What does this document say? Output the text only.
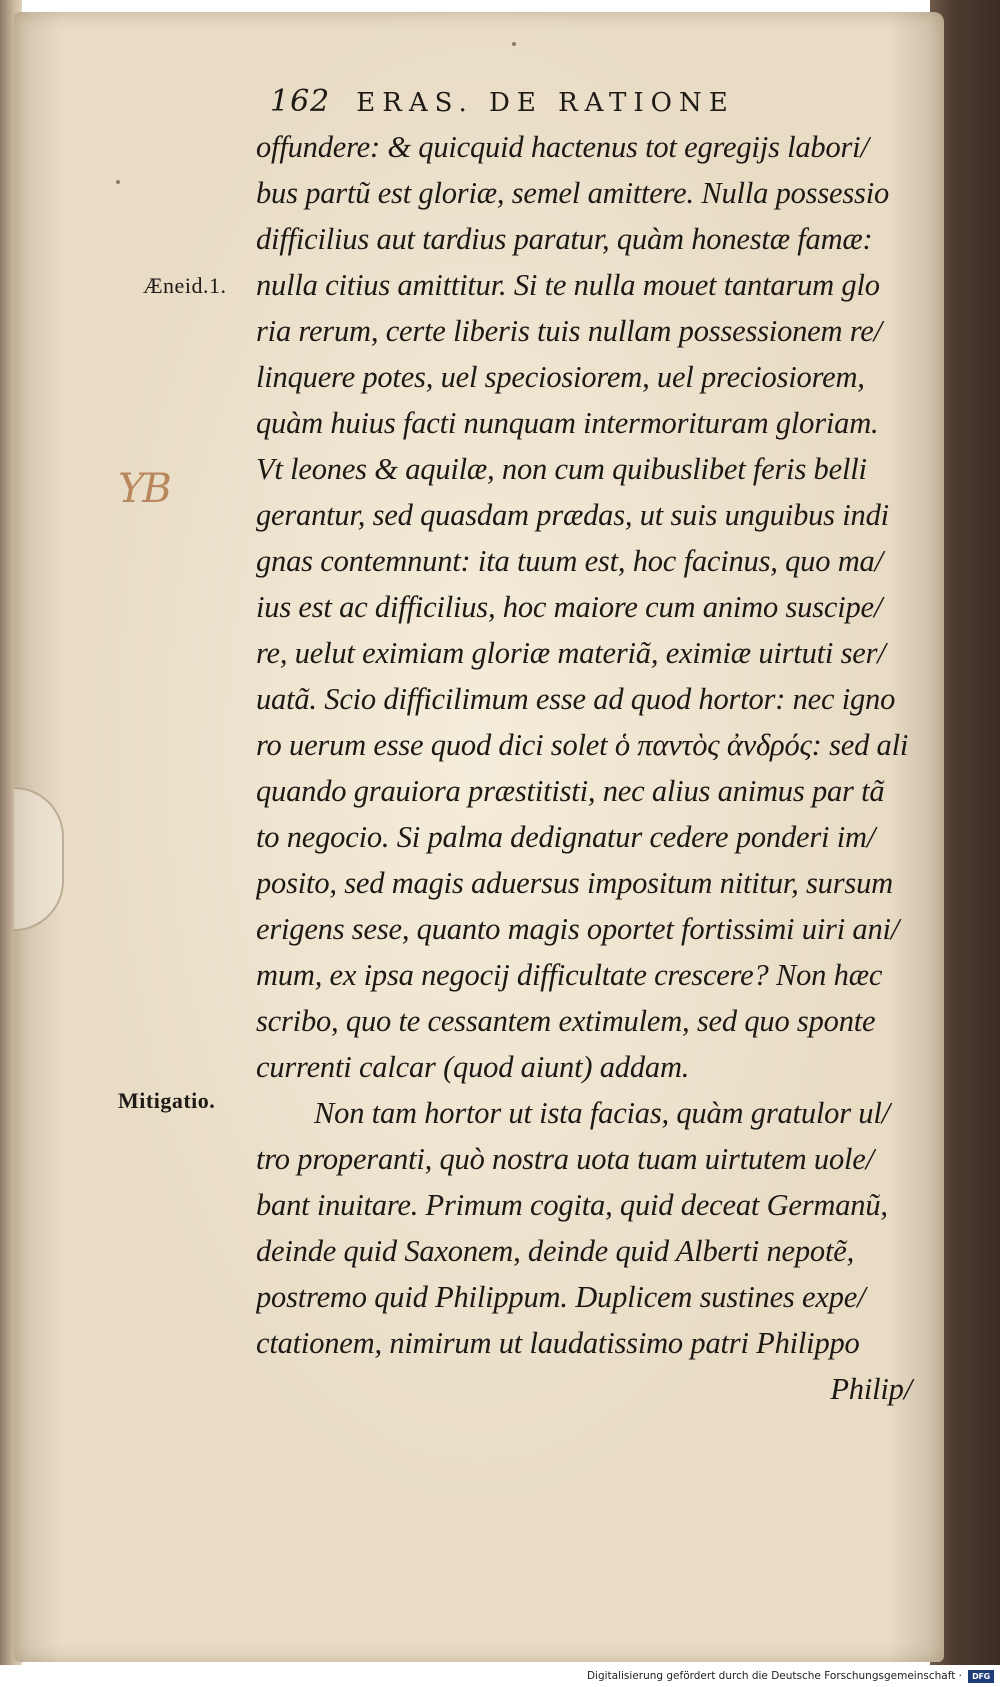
162 ERAS. DE RATIONE
Æneid.1.
YB
Mitigatio.
offundere: & quicquid hactenus tot egregijs labori/
bus partũ est gloriæ, semel amittere. Nulla possessio
difficilius aut tardius paratur, quàm honestæ famæ:
nulla citius amittitur. Si te nulla mouet tantarum glo
ria rerum, certe liberis tuis nullam possessionem re/
linquere potes, uel speciosiorem, uel preciosiorem,
quàm huius facti nunquam intermorituram gloriam.
Vt leones & aquilæ, non cum quibuslibet feris belli
gerantur, sed quasdam prædas, ut suis unguibus indi
gnas contemnunt: ita tuum est, hoc facinus, quo ma/
ius est ac difficilius, hoc maiore cum animo suscipe/
re, uelut eximiam gloriæ materiã, eximiæ uirtuti ser/
uatã. Scio difficilimum esse ad quod hortor: nec igno
ro uerum esse quod dici solet ὁ παντὸς ἀνδρός: sed ali
quando grauiora præstitisti, nec alius animus par tã
to negocio. Si palma dedignatur cedere ponderi im/
posito, sed magis aduersus impositum nititur, sursum
erigens sese, quanto magis oportet fortissimi uiri ani/
mum, ex ipsa negocij difficultate crescere? Non hæc
scribo, quo te cessantem extimulem, sed quo sponte
currenti calcar (quod aiunt) addam.
Non tam hortor ut ista facias, quàm gratulor ul/
tro properanti, quò nostra uota tuam uirtutem uole/
bant inuitare. Primum cogita, quid deceat Germanũ,
deinde quid Saxonem, deinde quid Alberti nepotẽ,
postremo quid Philippum. Duplicem sustines expe/
ctationem, nimirum ut laudatissimo patri Philippo
Philip/
Digitalisierung gefördert durch die Deutsche Forschungsgemeinschaft ·	DFG
